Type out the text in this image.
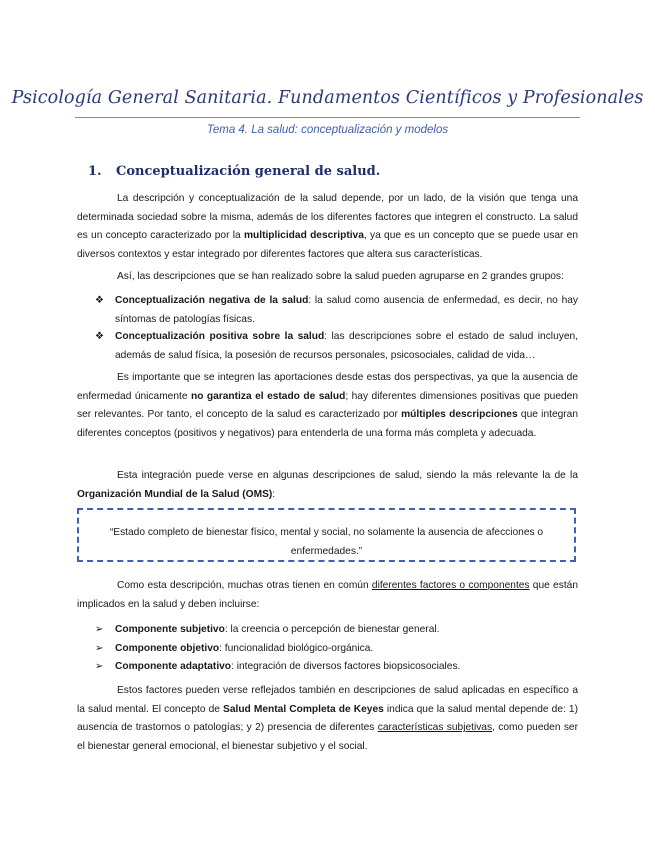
Psicología General Sanitaria. Fundamentos Científicos y Profesionales
Tema 4. La salud: conceptualización y modelos
1. Conceptualización general de salud.
La descripción y conceptualización de la salud depende, por un lado, de la visión que tenga una determinada sociedad sobre la misma, además de los diferentes factores que integren el constructo. La salud es un concepto caracterizado por la multiplicidad descriptiva, ya que es un concepto que se puede usar en diversos contextos y estar integrado por diferentes factores que altera sus características.
Así, las descripciones que se han realizado sobre la salud pueden agruparse en 2 grandes grupos:
❖ Conceptualización negativa de la salud: la salud como ausencia de enfermedad, es decir, no hay síntomas de patologías físicas.
❖ Conceptualización positiva sobre la salud: las descripciones sobre el estado de salud incluyen, además de salud física, la posesión de recursos personales, psicosociales, calidad de vida…
Es importante que se integren las aportaciones desde estas dos perspectivas, ya que la ausencia de enfermedad únicamente no garantiza el estado de salud; hay diferentes dimensiones positivas que pueden ser relevantes. Por tanto, el concepto de la salud es caracterizado por múltiples descripciones que integran diferentes conceptos (positivos y negativos) para entenderla de una forma más completa y adecuada.
Esta integración puede verse en algunas descripciones de salud, siendo la más relevante la de la Organización Mundial de la Salud (OMS):
“Estado completo de bienestar físico, mental y social, no solamente la ausencia de afecciones o enfermedades.”
Como esta descripción, muchas otras tienen en común diferentes factores o componentes que están implicados en la salud y deben incluirse:
➢ Componente subjetivo: la creencia o percepción de bienestar general.
➢ Componente objetivo: funcionalidad biológico-orgánica.
➢ Componente adaptativo: integración de diversos factores biopsicosociales.
Estos factores pueden verse reflejados también en descripciones de salud aplicadas en específico a la salud mental. El concepto de Salud Mental Completa de Keyes indica que la salud mental depende de: 1) ausencia de trastornos o patologías; y 2) presencia de diferentes características subjetivas, como pueden ser el bienestar general emocional, el bienestar subjetivo y el social.
